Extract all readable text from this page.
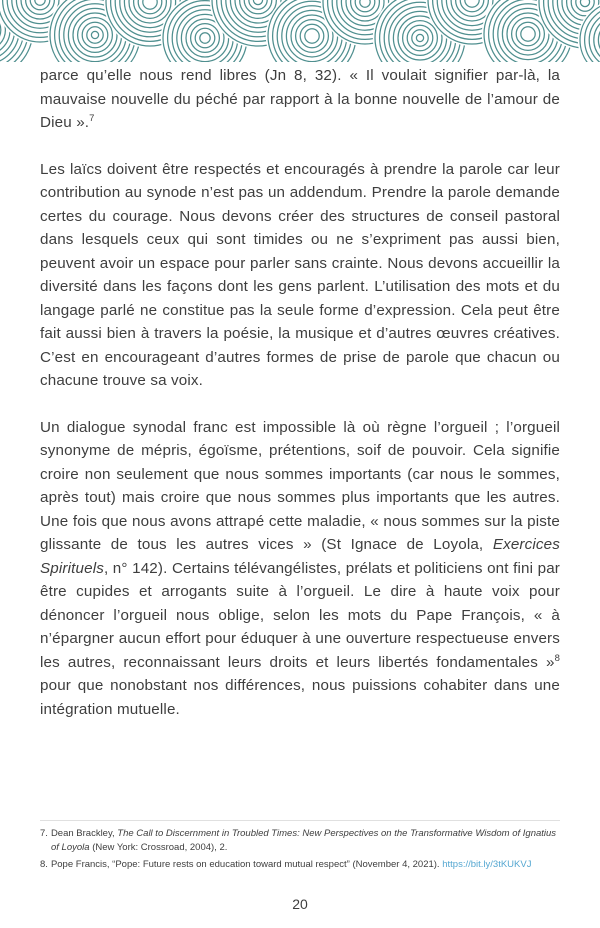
parce qu’elle nous rend libres (Jn 8, 32). « Il voulait signifier par-là, la mauvaise nouvelle du péché par rapport à la bonne nouvelle de l’amour de Dieu ».$^7$

Les laïcs doivent être respectés et encouragés à prendre la parole car leur contribution au synode n’est pas un addendum. Prendre la parole demande certes du courage. Nous devons créer des structures de conseil pastoral dans lesquels ceux qui sont timides ou ne s’expriment pas aussi bien, peuvent avoir un espace pour parler sans crainte. Nous devons accueillir la diversité dans les façons dont les gens parlent. L’utilisation des mots et du langage parlé ne constitue pas la seule forme d’expression. Cela peut être fait aussi bien à travers la poésie, la musique et d’autres œuvres créatives. C’est en encourageant d’autres formes de prise de parole que chacun ou chacune trouve sa voix.

Un dialogue synodal franc est impossible là où règne l’orgueil ; l’orgueil synonyme de mépris, égoïsme, prétentions, soif de pouvoir. Cela signifie croire non seulement que nous sommes importants (car nous le sommes, après tout) mais croire que nous sommes plus importants que les autres. Une fois que nous avons attrapé cette maladie, « nous sommes sur la piste glissante de tous les autres vices » (St Ignace de Loyola, Exercices Spirituels, n° 142). Certains télévangélistes, prélats et politiciens ont fini par être cupides et arrogants suite à l’orgueil. Le dire à haute voix pour dénoncer l’orgueil nous oblige, selon les mots du Pape François, « à n’épargner aucun effort pour éduquer à une ouverture respectueuse envers les autres, reconnaissant leurs droits et leurs libertés fondamentales »$^8$ pour que nonobstant nos différences, nous puissions cohabiter dans une intégration mutuelle.

7. Dean Brackley, The Call to Discernment in Troubled Times: New Perspectives on the Transformative Wisdom of Ignatius of Loyola (New York: Crossroad, 2004), 2.
8. Pope Francis, “Pope: Future rests on education toward mutual respect” (November 4, 2021). https://bit.ly/3tKUKVJ
20
